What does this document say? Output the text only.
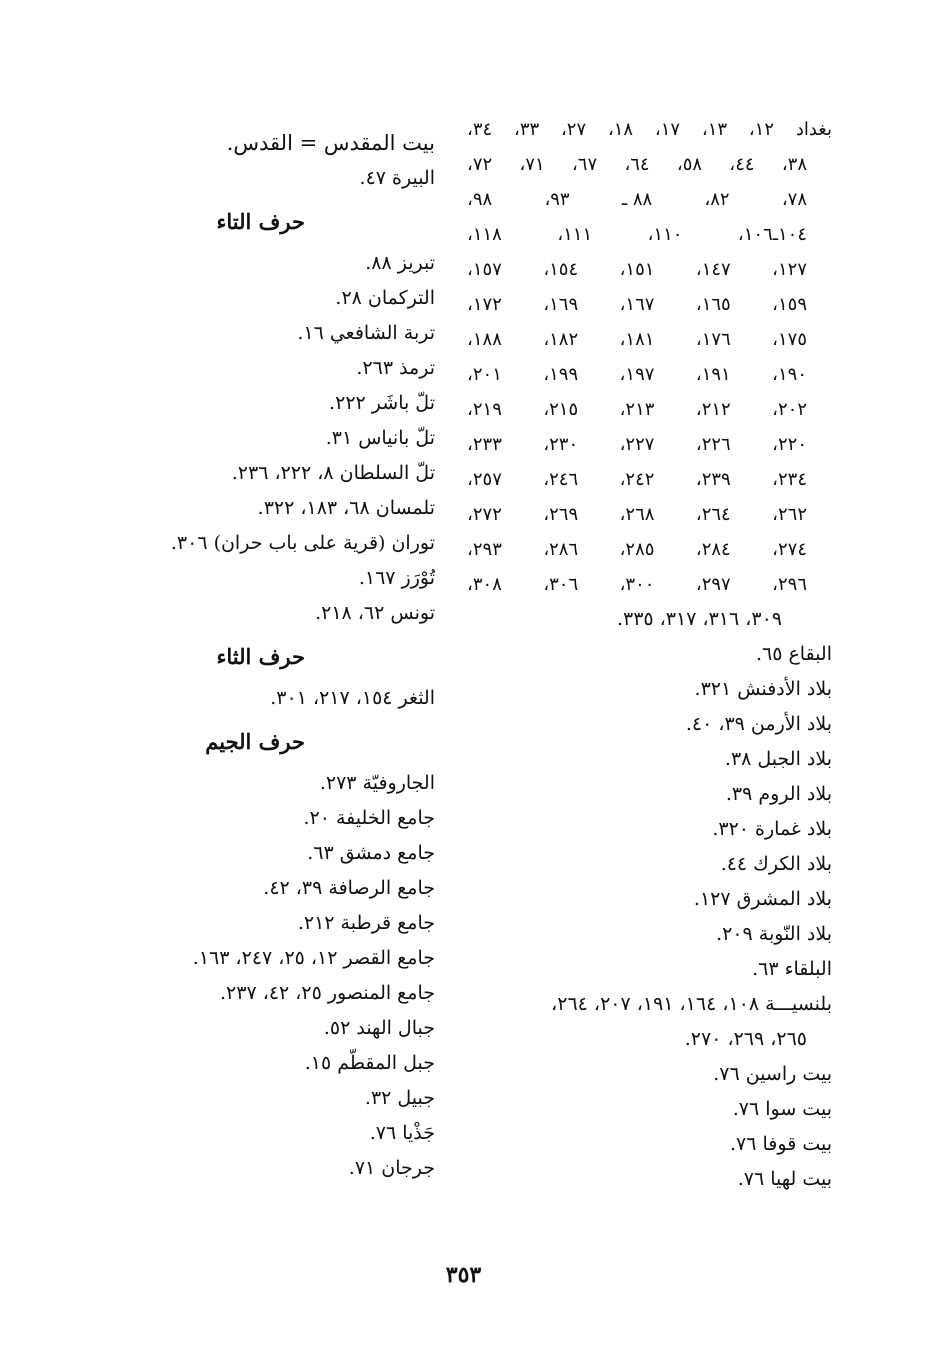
بغداد
١٢،
١٣،
١٧،
١٨،
٢٧،
٣٣،
٣٤،
٣٨،
٤٤،
٥٨،
٦٤،
٦٧،
٧١،
٧٢،
٧٨،
٨٢،
٨٨ ـ
٩٣،
٩٨،
١٠٤ـ١٠٦،
١١٠،
١١١،
١١٨،
١٢٧،
١٤٧،
١٥١،
١٥٤،
١٥٧،
١٥٩،
١٦٥،
١٦٧،
١٦٩،
١٧٢،
١٧٥،
١٧٦،
١٨١،
١٨٢،
١٨٨،
١٩٠،
١٩١،
١٩٧،
١٩٩،
٢٠١،
٢٠٢،
٢١٢،
٢١٣،
٢١٥،
٢١٩،
٢٢٠،
٢٢٦،
٢٢٧،
٢٣٠،
٢٣٣،
٢٣٤،
٢٣٩،
٢٤٢،
٢٤٦،
٢٥٧،
٢٦٢،
٢٦٤،
٢٦٨،
٢٦٩،
٢٧٢،
٢٧٤،
٢٨٤،
٢٨٥،
٢٨٦،
٢٩٣،
٢٩٦،
٢٩٧،
٣٠٠،
٣٠٦،
٣٠٨،
٣٠٩، ٣١٦، ٣١٧، ٣٣٥.
البقاع ٦٥.
بلاد الأدفنش ٣٢١.
بلاد الأرمن ٣٩، ٤٠.
بلاد الجبل ٣٨.
بلاد الروم ٣٩.
بلاد غمارة ٣٢٠.
بلاد الكرك ٤٤.
بلاد المشرق ١٢٧.
بلاد النّوبة ٢٠٩.
البلقاء ٦٣.
بلنسيـــة ١٠٨، ١٦٤، ١٩١، ٢٠٧، ٢٦٤،
٢٦٥، ٢٦٩، ٢٧٠.
بيت راسين ٧٦.
بيت سوا ٧٦.
بيت قوفا ٧٦.
بيت لهيا ٧٦.
بيت المقدس = القدس.
البيرة ٤٧.
حرف التاء
تبريز ٨٨.
التركمان ٢٨.
تربة الشافعي ١٦.
ترمذ ٢٦٣.
تلّ باشَر ٢٢٢.
تلّ بانياس ٣١.
تلّ السلطان ٨، ٢٢٢، ٢٣٦.
تلمسان ٦٨، ١٨٣، ٣٢٢.
توران (قرية على باب حران) ٣٠٦.
تُوْرَز ١٦٧.
تونس ٦٢، ٢١٨.
حرف الثاء
الثغر ١٥٤، ٢١٧، ٣٠١.
حرف الجيم
الجاروفيّة ٢٧٣.
جامع الخليفة ٢٠.
جامع دمشق ٦٣.
جامع الرصافة ٣٩، ٤٢.
جامع قرطبة ٢١٢.
جامع القصر ١٢، ٢٥، ٢٤٧، ١٦٣.
جامع المنصور ٢٥، ٤٢، ٢٣٧.
جبال الهند ٥٢.
جبل المقطّم ١٥.
جبيل ٣٢.
جَذْيا ٧٦.
جرجان ٧١.
٣٥٣
